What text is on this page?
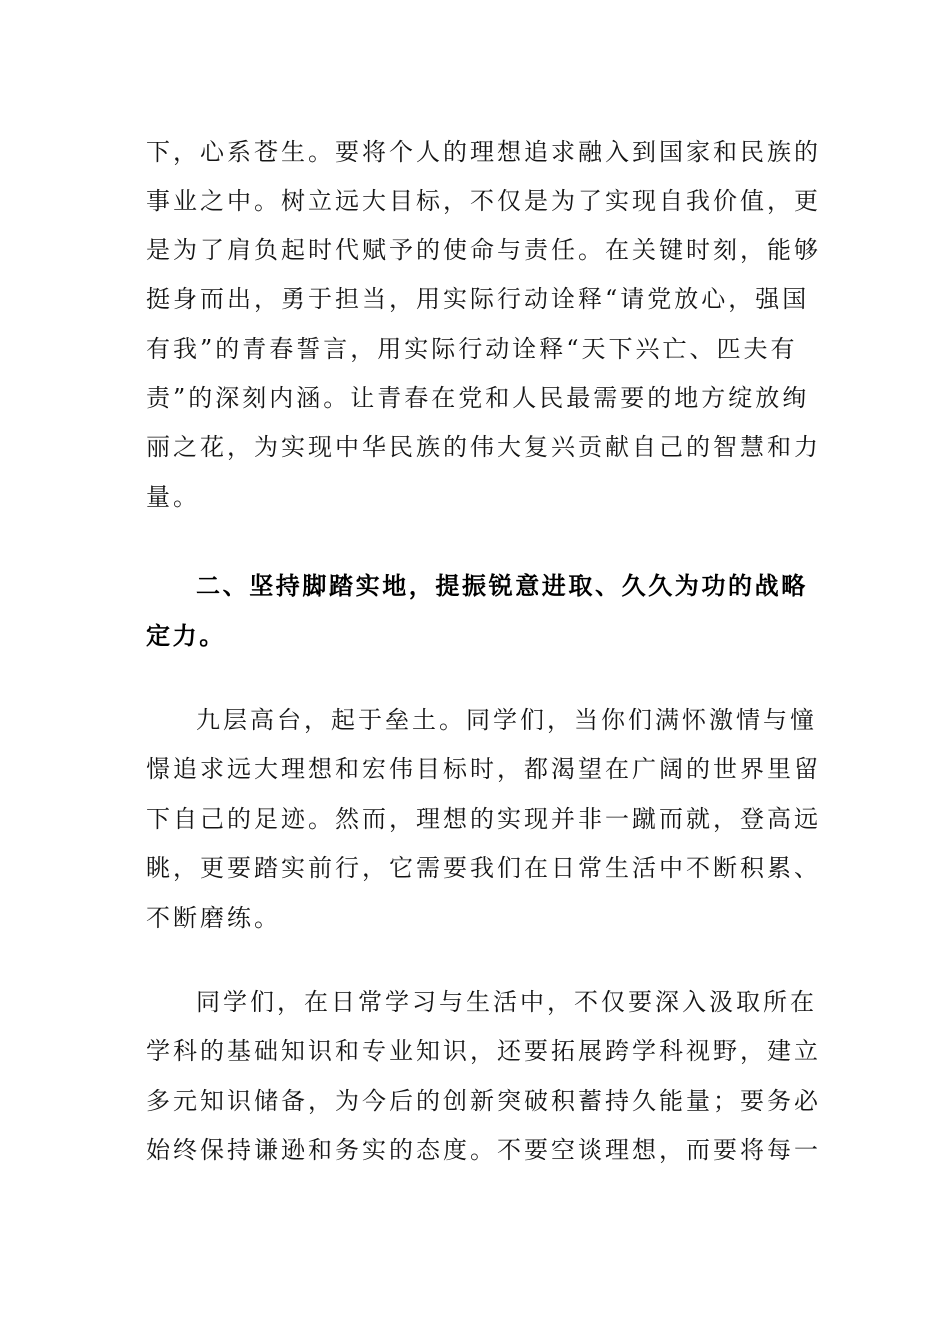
下，心系苍生。要将个人的理想追求融入到国家和民族的
事业之中。树立远大目标，不仅是为了实现自我价值，更
是为了肩负起时代赋予的使命与责任。在关键时刻，能够
挺身而出，勇于担当，用实际行动诠释“请党放心，强国
有我”的青春誓言，用实际行动诠释“天下兴亡、匹夫有
责”的深刻内涵。让青春在党和人民最需要的地方绽放绚
丽之花，为实现中华民族的伟大复兴贡献自己的智慧和力
量。
二、坚持脚踏实地，提振锐意进取、久久为功的战略
定力。
九层高台，起于垒土。同学们，当你们满怀激情与憧
憬追求远大理想和宏伟目标时，都渴望在广阔的世界里留
下自己的足迹。然而，理想的实现并非一蹴而就，登高远
眺，更要踏实前行，它需要我们在日常生活中不断积累、
不断磨练。
同学们，在日常学习与生活中，不仅要深入汲取所在
学科的基础知识和专业知识，还要拓展跨学科视野，建立
多元知识储备，为今后的创新突破积蓄持久能量；要务必
始终保持谦逊和务实的态度。不要空谈理想，而要将每一
